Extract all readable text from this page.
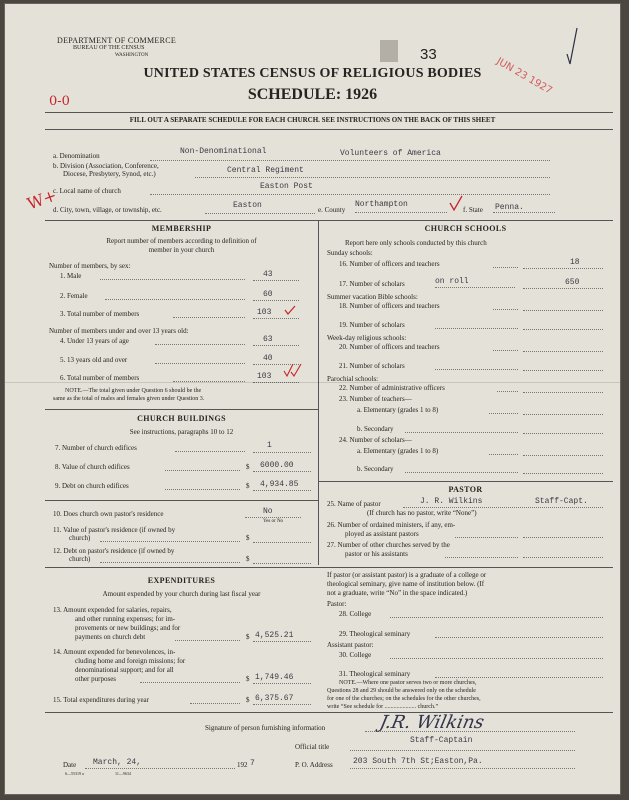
DEPARTMENT OF COMMERCE
BUREAU OF THE CENSUS
WASHINGTON	33
JUN 23 1927
UNITED STATES CENSUS OF RELIGIOUS BODIES
SCHEDULE: 1926
0-0
FILL OUT A SEPARATE SCHEDULE FOR EACH CHURCH. SEE INSTRUCTIONS ON THE BACK OF THIS SHEET
a. Denomination	Non-Denominational	Volunteers of America
b. Division (Association, Conference,
Diocese, Presbytery, Synod, etc.)	Central Regiment
c. Local name of church	Easton Post
W+
d. City, town, village, or township, etc.	Easton	e. County
Northampton
f. State Penna.
MEMBERSHIP
Report number of members according to definition of
member in your church
Number of members, by sex:
1. Male	43
2. Female	60
3. Total number of members	103
Number of members under and over 13 years old:
4. Under 13 years of age	63
5. 13 years old and over	40
6. Total number of members	103
NOTE.—The total given under Question 6 should be the
same as the total of males and females given under Question 3.
CHURCH BUILDINGS
See instructions, paragraphs 10 to 12
7. Number of church edifices	1
8. Value of church edifices	$ 6000.00
9. Debt on church edifices	$ 4,934.85
10. Does church own pastor's residence	No
Yes or No
11. Value of pastor's residence (if owned by
church)	$
12. Debt on pastor's residence (if owned by
church)	$
EXPENDITURES
Amount expended by your church during last fiscal year
13. Amount expended for salaries, repairs,
and other running expenses; for im-
provements or new buildings; and for
payments on church debt	$ 4,525.21
14. Amount expended for benevolences, in-
cluding home and foreign missions; for
denominational support; and for all
other purposes	$ 1,749.46
15. Total expenditures during year	$ 6,375.67
CHURCH SCHOOLS
Report here only schools conducted by this church
Sunday schools:
16. Number of officers and teachers	18
17. Number of scholars	on roll	650
Summer vacation Bible schools:
18. Number of officers and teachers
19. Number of scholars
Week-day religious schools:
20. Number of officers and teachers
21. Number of scholars
Parochial schools:
22. Number of administrative officers
23. Number of teachers—
a. Elementary (grades 1 to 8)
b. Secondary
24. Number of scholars—
a. Elementary (grades 1 to 8)
b. Secondary
PASTOR
25. Name of pastor	J. R. Wilkins	Staff-Capt.
(If church has no pastor, write “None”)
26. Number of ordained ministers, if any, em-
ployed as assistant pastors
27. Number of other churches served by the
pastor or his assistants
If pastor (or assistant pastor) is a graduate of a college or
theological seminary, give name of institution below. (If
not a graduate, write “No” in the space indicated.)
Pastor:
28. College
29. Theological seminary
Assistant pastor:
30. College
31. Theological seminary
NOTE.—Where one pastor serves two or more churches,
Questions 28 and 29 should be answered only on the schedule
for one of the churches; on the schedules for the other churches,
write “See schedule for ..................... church.”
Signature of person furnishing information	J.R. Wilkins
Official title
Staff-Captain
Date March, 24,	192 7	P. O. Address	203 South 7th St;Easton,Pa.
6—55319 a	11—9634
